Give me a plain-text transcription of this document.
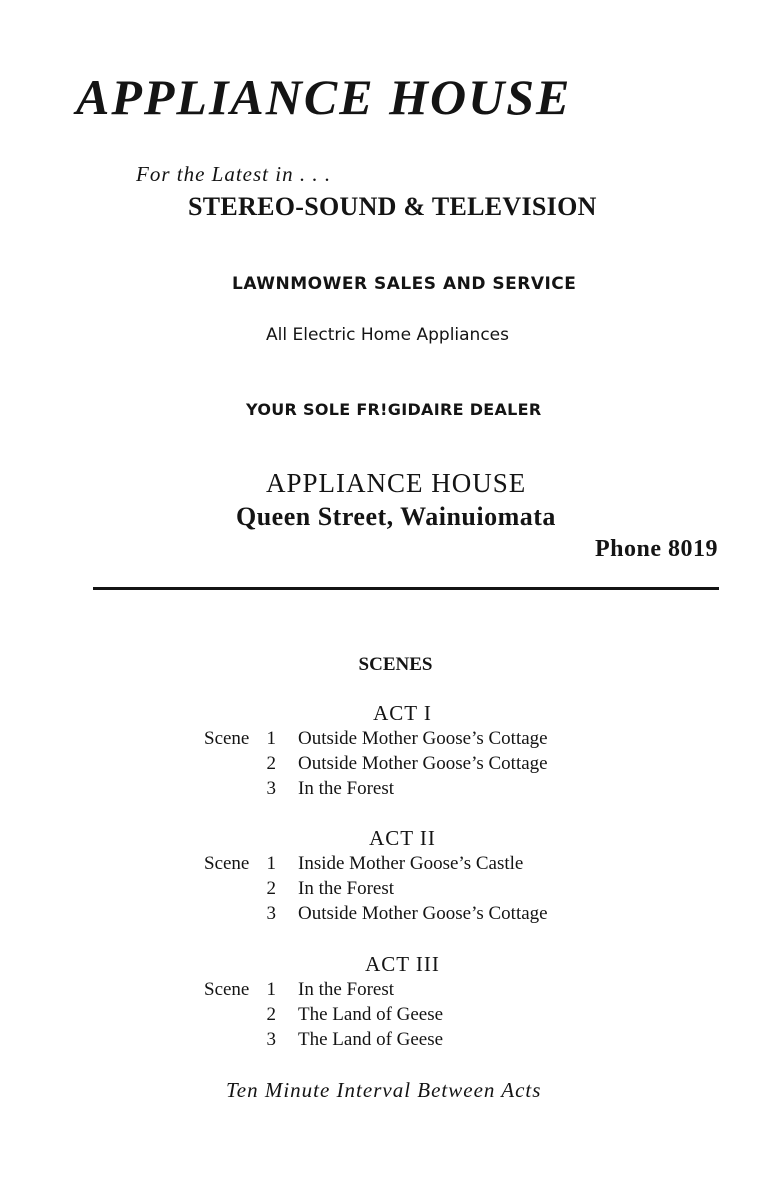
APPLIANCE HOUSE

For the Latest in . . .

STEREO-SOUND & TELEVISION

LAWNMOWER SALES AND SERVICE

All Electric Home Appliances

YOUR SOLE FR!GIDAIRE DEALER

APPLIANCE HOUSE

Queen Street, Wainuiomata

Phone 8019

SCENES

ACT I
Scene 1 Outside Mother Goose’s Cottage
2 Outside Mother Goose’s Cottage
3 In the Forest
ACT II
Scene 1 Inside Mother Goose’s Castle
2 In the Forest
3 Outside Mother Goose’s Cottage
ACT III
Scene 1 In the Forest
2 The Land of Geese
3 The Land of Geese

Ten Minute Interval Between Acts
